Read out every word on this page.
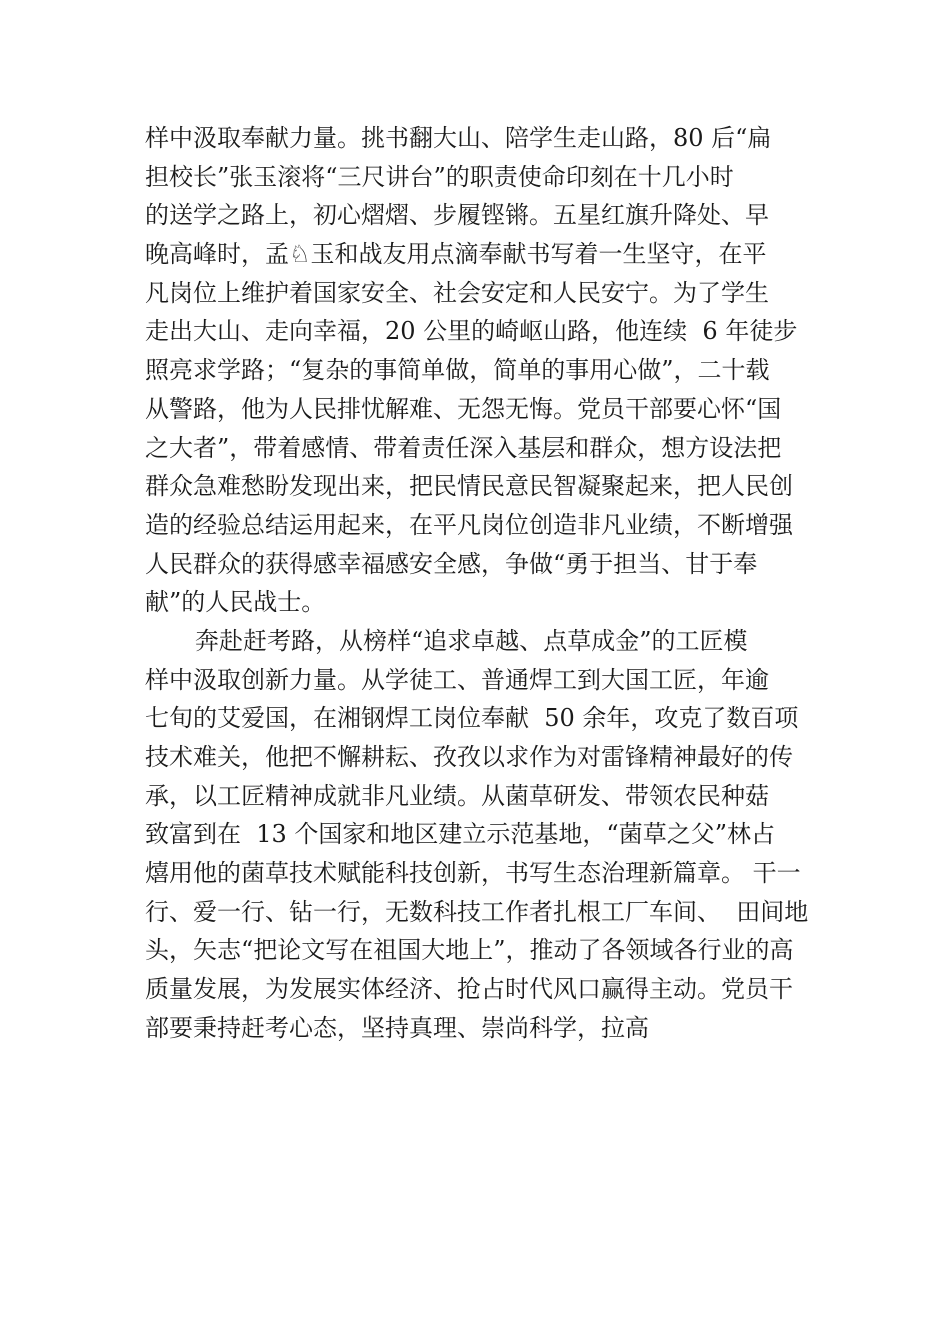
样中汲取奉献力量。挑书翻大山、陪学生走山路，80 后“扁
担校长”张玉滚将“三尺讲台”的职责使命印刻在十几小时
的送学之路上，初心熠熠、步履铿锵。五星红旗升降处、早
晚高峰时，孟♘玉和战友用点滴奉献书写着一生坚守，在平
凡岗位上维护着国家安全、社会安定和人民安宁。为了学生
走出大山、走向幸福，20 公里的崎岖山路，他连续  6 年徒步
照亮求学路；“复杂的事简单做，简单的事用心做”，二十载
从警路，他为人民排忧解难、无怨无悔。党员干部要心怀“国
之大者”，带着感情、带着责任深入基层和群众，想方设法把
群众急难愁盼发现出来，把民情民意民智凝聚起来，把人民创
造的经验总结运用起来，在平凡岗位创造非凡业绩，不断增强
人民群众的获得感幸福感安全感，争做“勇于担当、甘于奉
献”的人民战士。
奔赴赶考路，从榜样“追求卓越、点草成金”的工匠模
样中汲取创新力量。从学徒工、普通焊工到大国工匠，年逾
七旬的艾爱国，在湘钢焊工岗位奉献  50 余年，攻克了数百项
技术难关，他把不懈耕耘、孜孜以求作为对雷锋精神最好的传
承，以工匠精神成就非凡业绩。从菌草研发、带领农民种菇
致富到在  13 个国家和地区建立示范基地，“菌草之父”林占
熺用他的菌草技术赋能科技创新，书写生态治理新篇章。 干一
行、爱一行、钻一行，无数科技工作者扎根工厂车间、  田间地
头，矢志“把论文写在祖国大地上”，推动了各领域各行业的高
质量发展，为发展实体经济、抢占时代风口赢得主动。党员干
部要秉持赶考心态，坚持真理、崇尚科学，拉高
